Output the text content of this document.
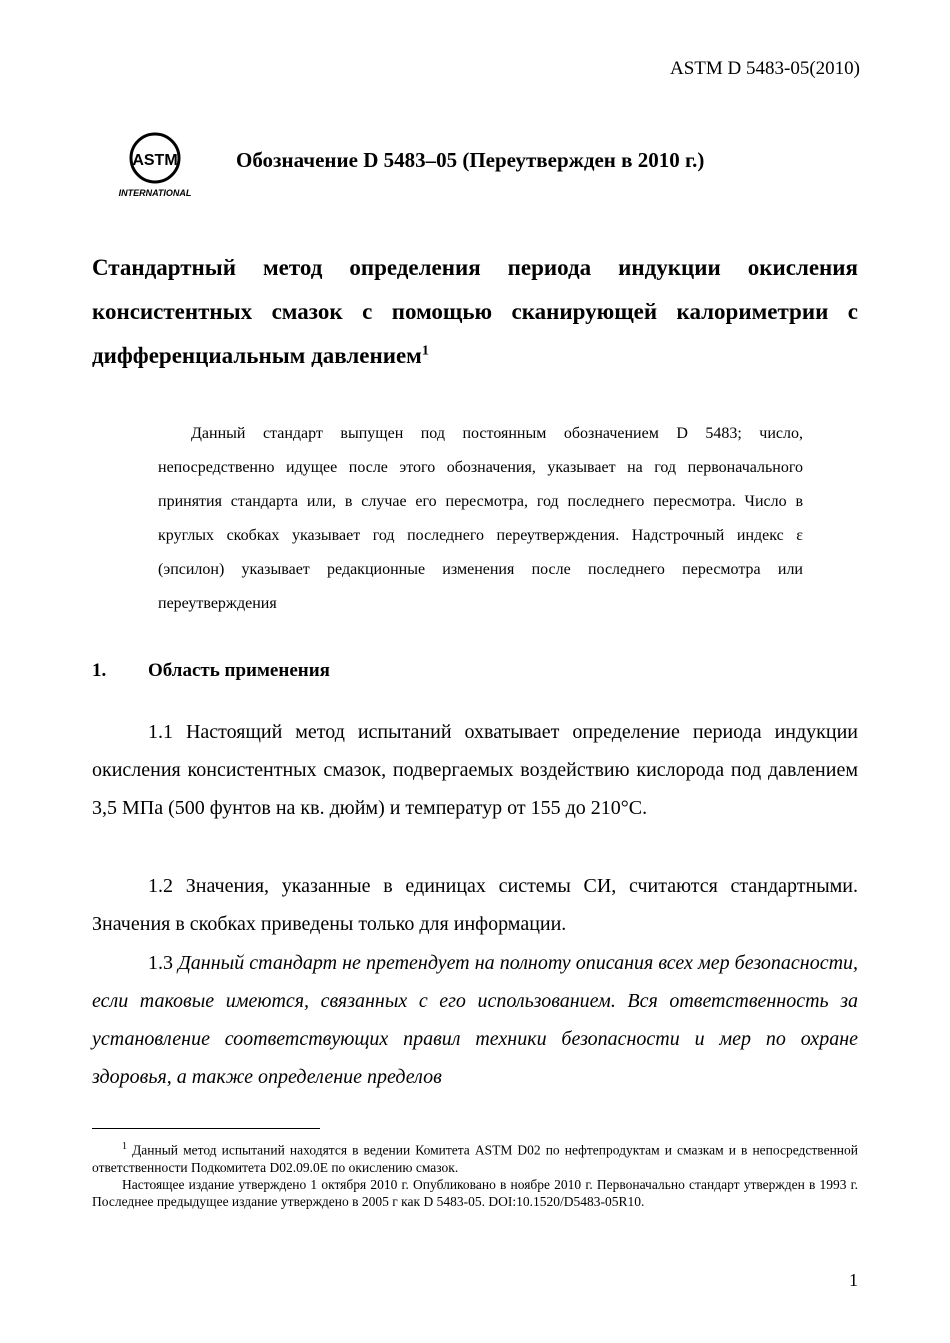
ASTM D 5483-05(2010)
ASTM
INTERNATIONAL
Обозначение D 5483–05 (Переутвержден в 2010 г.)

Стандартный метод определения периода индукции окисления консистентных смазок с помощью сканирующей калориметрии с дифференциальным давлением$^1$

Данный стандарт выпущен под постоянным обозначением D 5483; число, непосредственно идущее после этого обозначения, указывает на год первоначального принятия стандарта или, в случае его пересмотра, год последнего пересмотра. Число в круглых скобках указывает год последнего переутверждения. Надстрочный индекс ε (эпсилон) указывает редакционные изменения после последнего пересмотра или переутверждения

1. Область применения

1.1 Настоящий метод испытаний охватывает определение периода индукции окисления консистентных смазок, подвергаемых воздействию кислорода под давлением 3,5 МПа (500 фунтов на кв. дюйм) и температур от 155 до 210°С.

1.2 Значения, указанные в единицах системы СИ, считаются стандартными. Значения в скобках приведены только для информации.

1.3 Данный стандарт не претендует на полноту описания всех мер безопасности, если таковые имеются, связанных с его использованием. Вся ответственность за установление соответствующих правил техники безопасности и мер по охране здоровья, а также определение пределов

$^1$ Данный метод испытаний находятся в ведении Комитета ASTM D02 по нефтепродуктам и смазкам и в непосредственной ответственности Подкомитета D02.09.0E по окислению смазок.

Настоящее издание утверждено 1 октября 2010 г. Опубликовано в ноябре 2010 г. Первоначально стандарт утвержден в 1993 г. Последнее предыдущее издание утверждено в 2005 г как D 5483-05. DOI:10.1520/D5483-05R10.

1
